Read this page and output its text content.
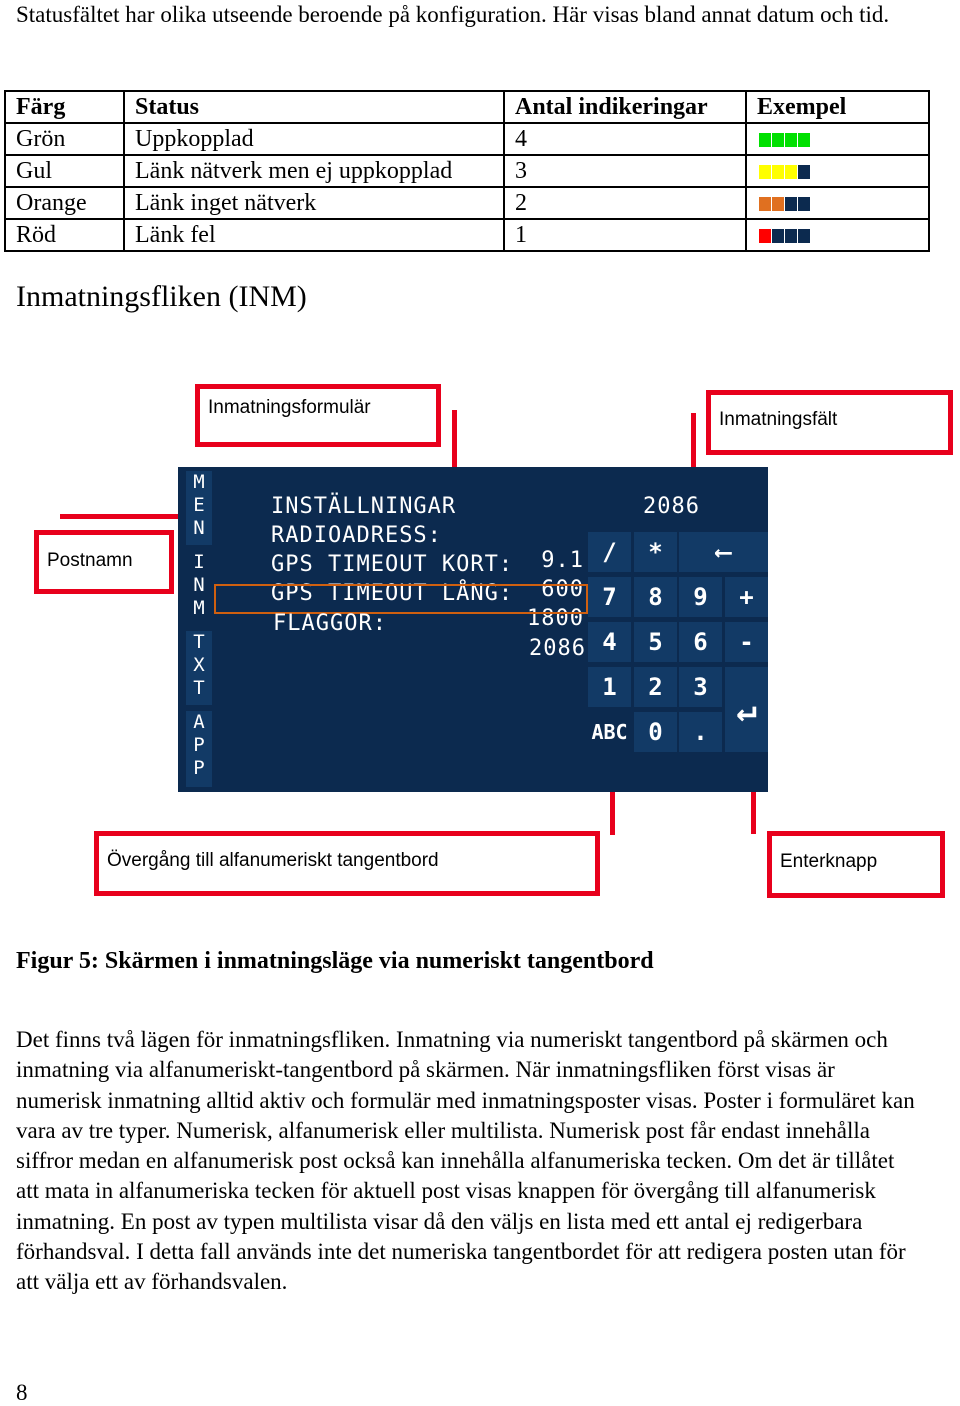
Statusfältet har olika utseende beroende på konfiguration. Här visas bland annat datum och tid.
Färg	Status	Antal indikeringar	Exempel
Grön	Uppkopplad	4	
Gul	Länk nätverk men ej uppkopplad	3	
Orange	Länk inget nätverk	2	
Röd	Länk fel	1	
Inmatningsfliken (INM)
Inmatningsformulär
Inmatningsfält
Postnamn
Övergång till alfanumeriskt tangentbord	Enterknapp
M
E
N
I
N
M
T
X
T
A
P
P

INSTÄLLNINGAR

RADIOADRESS:

9.1

GPS TIMEOUT KORT:

600

GPS TIMEOUT LÅNG:

1800

FLAGGOR:

2086

2086

/	*
7	8	9	+
4	5	6	-
1	2	3
ABC 0	.
⟵
↵
Figur 5: Skärmen i inmatningsläge via numeriskt tangentbord
Det finns två lägen för inmatningsfliken. Inmatning via numeriskt tangentbord på skärmen och inmatning via alfanumeriskt-tangentbord på skärmen. När inmatningsfliken först visas är numerisk inmatning alltid aktiv och formulär med inmatningsposter visas. Poster i formuläret kan vara av tre typer. Numerisk, alfanumerisk eller multilista. Numerisk post får endast innehålla siffror medan en alfanumerisk post också kan innehålla alfanumeriska tecken. Om det är tillåtet att mata in alfanumeriska tecken för aktuell post visas knappen för övergång till alfanumerisk inmatning. En post av typen multilista visar då den väljs en lista med ett antal ej redigerbara förhandsval. I detta fall används inte det numeriska tangentbordet för att redigera posten utan för att välja ett av förhandsvalen.
8
